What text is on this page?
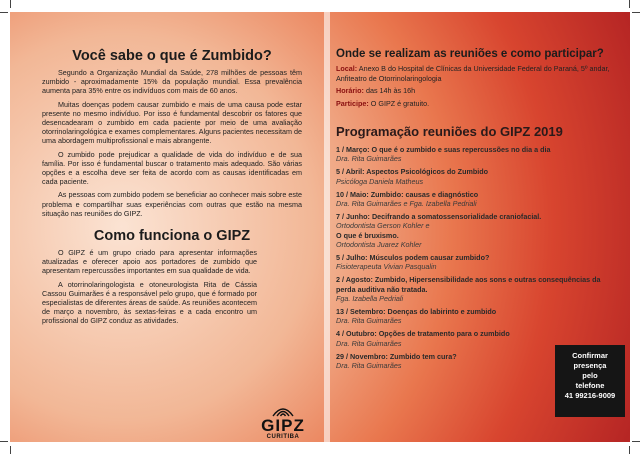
Você sabe o que é Zumbido?

Segundo a Organização Mundial da Saúde, 278 milhões de pessoas têm zumbido - aproximadamente 15% da população mundial. Essa prevalência aumenta para 35% entre os indivíduos com mais de 60 anos.

Muitas doenças podem causar zumbido e mais de uma causa pode estar presente no mesmo indivíduo. Por isso é fundamental descobrir os fatores que desencadearam o zumbido em cada paciente por meio de uma avaliação otorrinolaringológica e exames complementares. Alguns pacientes necessitam de uma abordagem multiprofissional e mais abrangente.

O zumbido pode prejudicar a qualidade de vida do indivíduo e de sua família. Por isso é fundamental buscar o tratamento mais adequado. São várias opções e a escolha deve ser feita de acordo com as causas identificadas em cada paciente.

As pessoas com zumbido podem se beneficiar ao conhecer mais sobre este problema e compartilhar suas experiências com outras que estão na mesma situação nas reuniões do GIPZ.

Como funciona o GIPZ

O GIPZ é um grupo criado para apresentar informações atualizadas e oferecer apoio aos portadores de zumbido que apresentam repercussões importantes em sua qualidade de vida.

A otorrinolaringologista e otoneurologista Rita de Cássia Cassou Guimarães é a responsável pelo grupo, que é formado por especialistas de diferentes áreas de saúde. As reuniões acontecem de março a novembro, às sextas-feiras e a cada encontro um profissional do GIPZ conduz as atividades.

Onde se realizam as reuniões e como participar?
Local: Anexo B do Hospital de Clínicas da Universidade Federal do Paraná, 5º andar, Anfiteatro de Otorrinolaringologia
Horário: das 14h às 16h
Participe: O GIPZ é gratuito.
Programação reuniões do GIPZ 2019
1 / Março: O que é o zumbido e suas repercussões no dia a dia
Dra. Rita Guimarães
5 / Abril: Aspectos Psicológicos do Zumbido
Psicóloga Daniela Matheus
10 / Maio: Zumbido: causas e diagnóstico
Dra. Rita Guimarães e Fga. Izabella Pedriali
7 / Junho: Decifrando a somatossensorialidade craniofacial.
Ortodontista Gerson Kohler e
O que é bruxismo.
Ortodontista Juarez Kohler
5 / Julho: Músculos podem causar zumbido?
Fisioterapeuta Vivian Pasqualin
2 / Agosto: Zumbido, Hipersensibilidade aos sons e outras consequências da perda auditiva não tratada.
Fga. Izabella Pedriali
13 / Setembro: Doenças do labirinto e zumbido
Dra. Rita Guimarães
4 / Outubro: Opções de tratamento para o zumbido
Dra. Rita Guimarães
29 / Novembro: Zumbido tem cura?
Dra. Rita Guimarães
GIPZ
CURITIBA
Confirmar
presença
pelo
telefone
41 99216-9009
